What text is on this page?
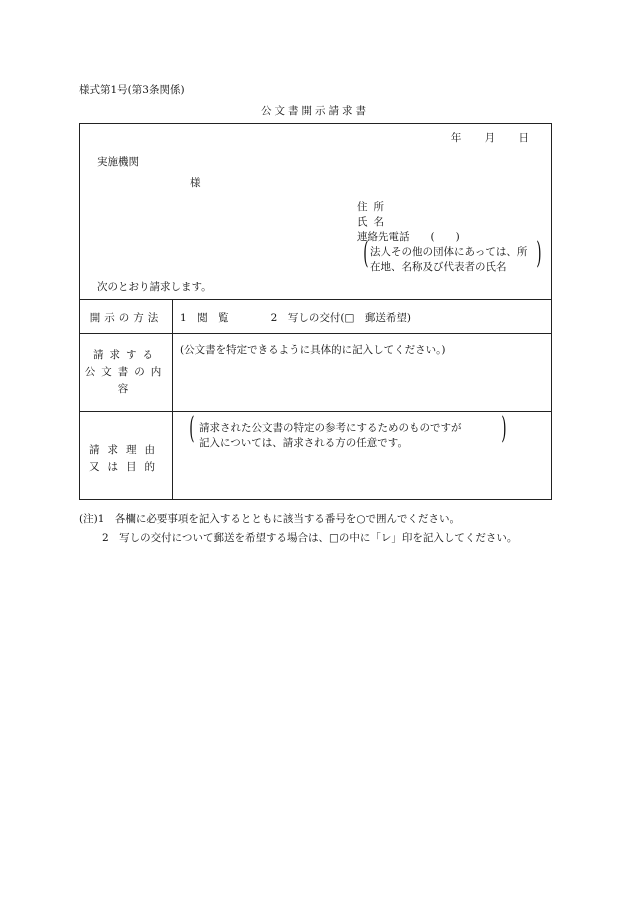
様式第1号(第3条関係)
公文書開示請求書
年 月 日
実施機関
様
住所
氏名
連絡先電話　　(　　)
( 法人その他の団体にあっては、所
在地、名称及び代表者の氏名 )
次のとおり請求します。
開示の方法	1　閲　覧　　　　2　写しの交付(□　郵送希望)
請求する
公文書の内容
(公文書を特定できるように具体的に記入してください。)
請求理由
又は目的
( 請求された公文書の特定の参考にするためのものですが
記入については、請求される方の任意です。	)
(注)1　各欄に必要事項を記入するとともに該当する番号を○で囲んでください。
2　写しの交付について郵送を希望する場合は、□の中に「レ」印を記入してください。
